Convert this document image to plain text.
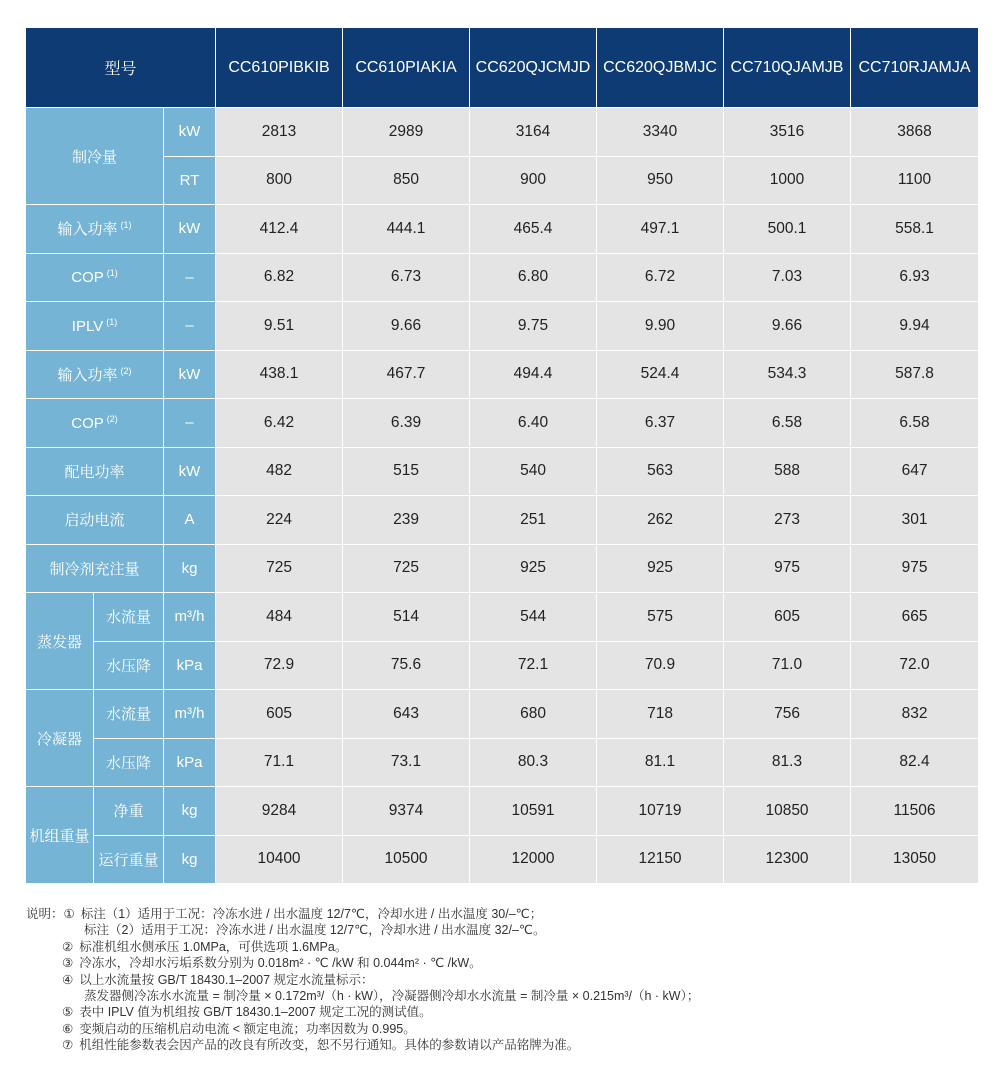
型号			CC610PIBKIB	CC610PIAKIA	CC620QJCMJD	CC620QJBMJC	CC710QJAMJB	CC710RJAMJA
制冷量		kW	2813	2989	3164	3340	3516	3868
		RT	800	850	900	950	1000	1100
输入功率 $^{(1)}$		kW	412.4	444.1	465.4	497.1	500.1	558.1
COP $^{(1)}$		–	6.82	6.73	6.80	6.72	7.03	6.93
IPLV $^{(1)}$		–	9.51	9.66	9.75	9.90	9.66	9.94
输入功率 $^{(2)}$		kW	438.1	467.7	494.4	524.4	534.3	587.8
COP $^{(2)}$		–	6.42	6.39	6.40	6.37	6.58	6.58
配电功率		kW	482	515	540	563	588	647
启动电流		A	224	239	251	262	273	301
制冷剂充注量		kg	725	725	925	925	975	975
蒸发器	水流量	m³/h	484	514	544	575	605	665
	水压降	kPa	72.9	75.6	72.1	70.9	71.0	72.0
冷凝器	水流量	m³/h	605	643	680	718	756	832
	水压降	kPa	71.1	73.1	80.3	81.1	81.3	82.4
机组重量	净重	kg	9284	9374	10591	10719	10850	11506
	运行重量	kg	10400	10500	12000	12150	12300	13050
说明：① 标注（1）适用于工况：冷冻水进 / 出水温度 12/7℃，冷却水进 / 出水温度 30/–℃；
标注（2）适用于工况：冷冻水进 / 出水温度 12/7℃，冷却水进 / 出水温度 32/–℃。
② 标准机组水侧承压 1.0MPa，可供选项 1.6MPa。
③ 冷冻水，冷却水污垢系数分别为 0.018m² · ℃ /kW 和 0.044m² · ℃ /kW。
④ 以上水流量按 GB/T 18430.1–2007 规定水流量标示：
蒸发器侧冷冻水水流量 = 制冷量 × 0.172m³/（h · kW），冷凝器侧冷却水水流量 = 制冷量 × 0.215m³/（h · kW）；
⑤ 表中 IPLV 值为机组按 GB/T 18430.1–2007 规定工况的测试值。
⑥ 变频启动的压缩机启动电流 < 额定电流；功率因数为 0.995。
⑦ 机组性能参数表会因产品的改良有所改变，恕不另行通知。具体的参数请以产品铭牌为准。
